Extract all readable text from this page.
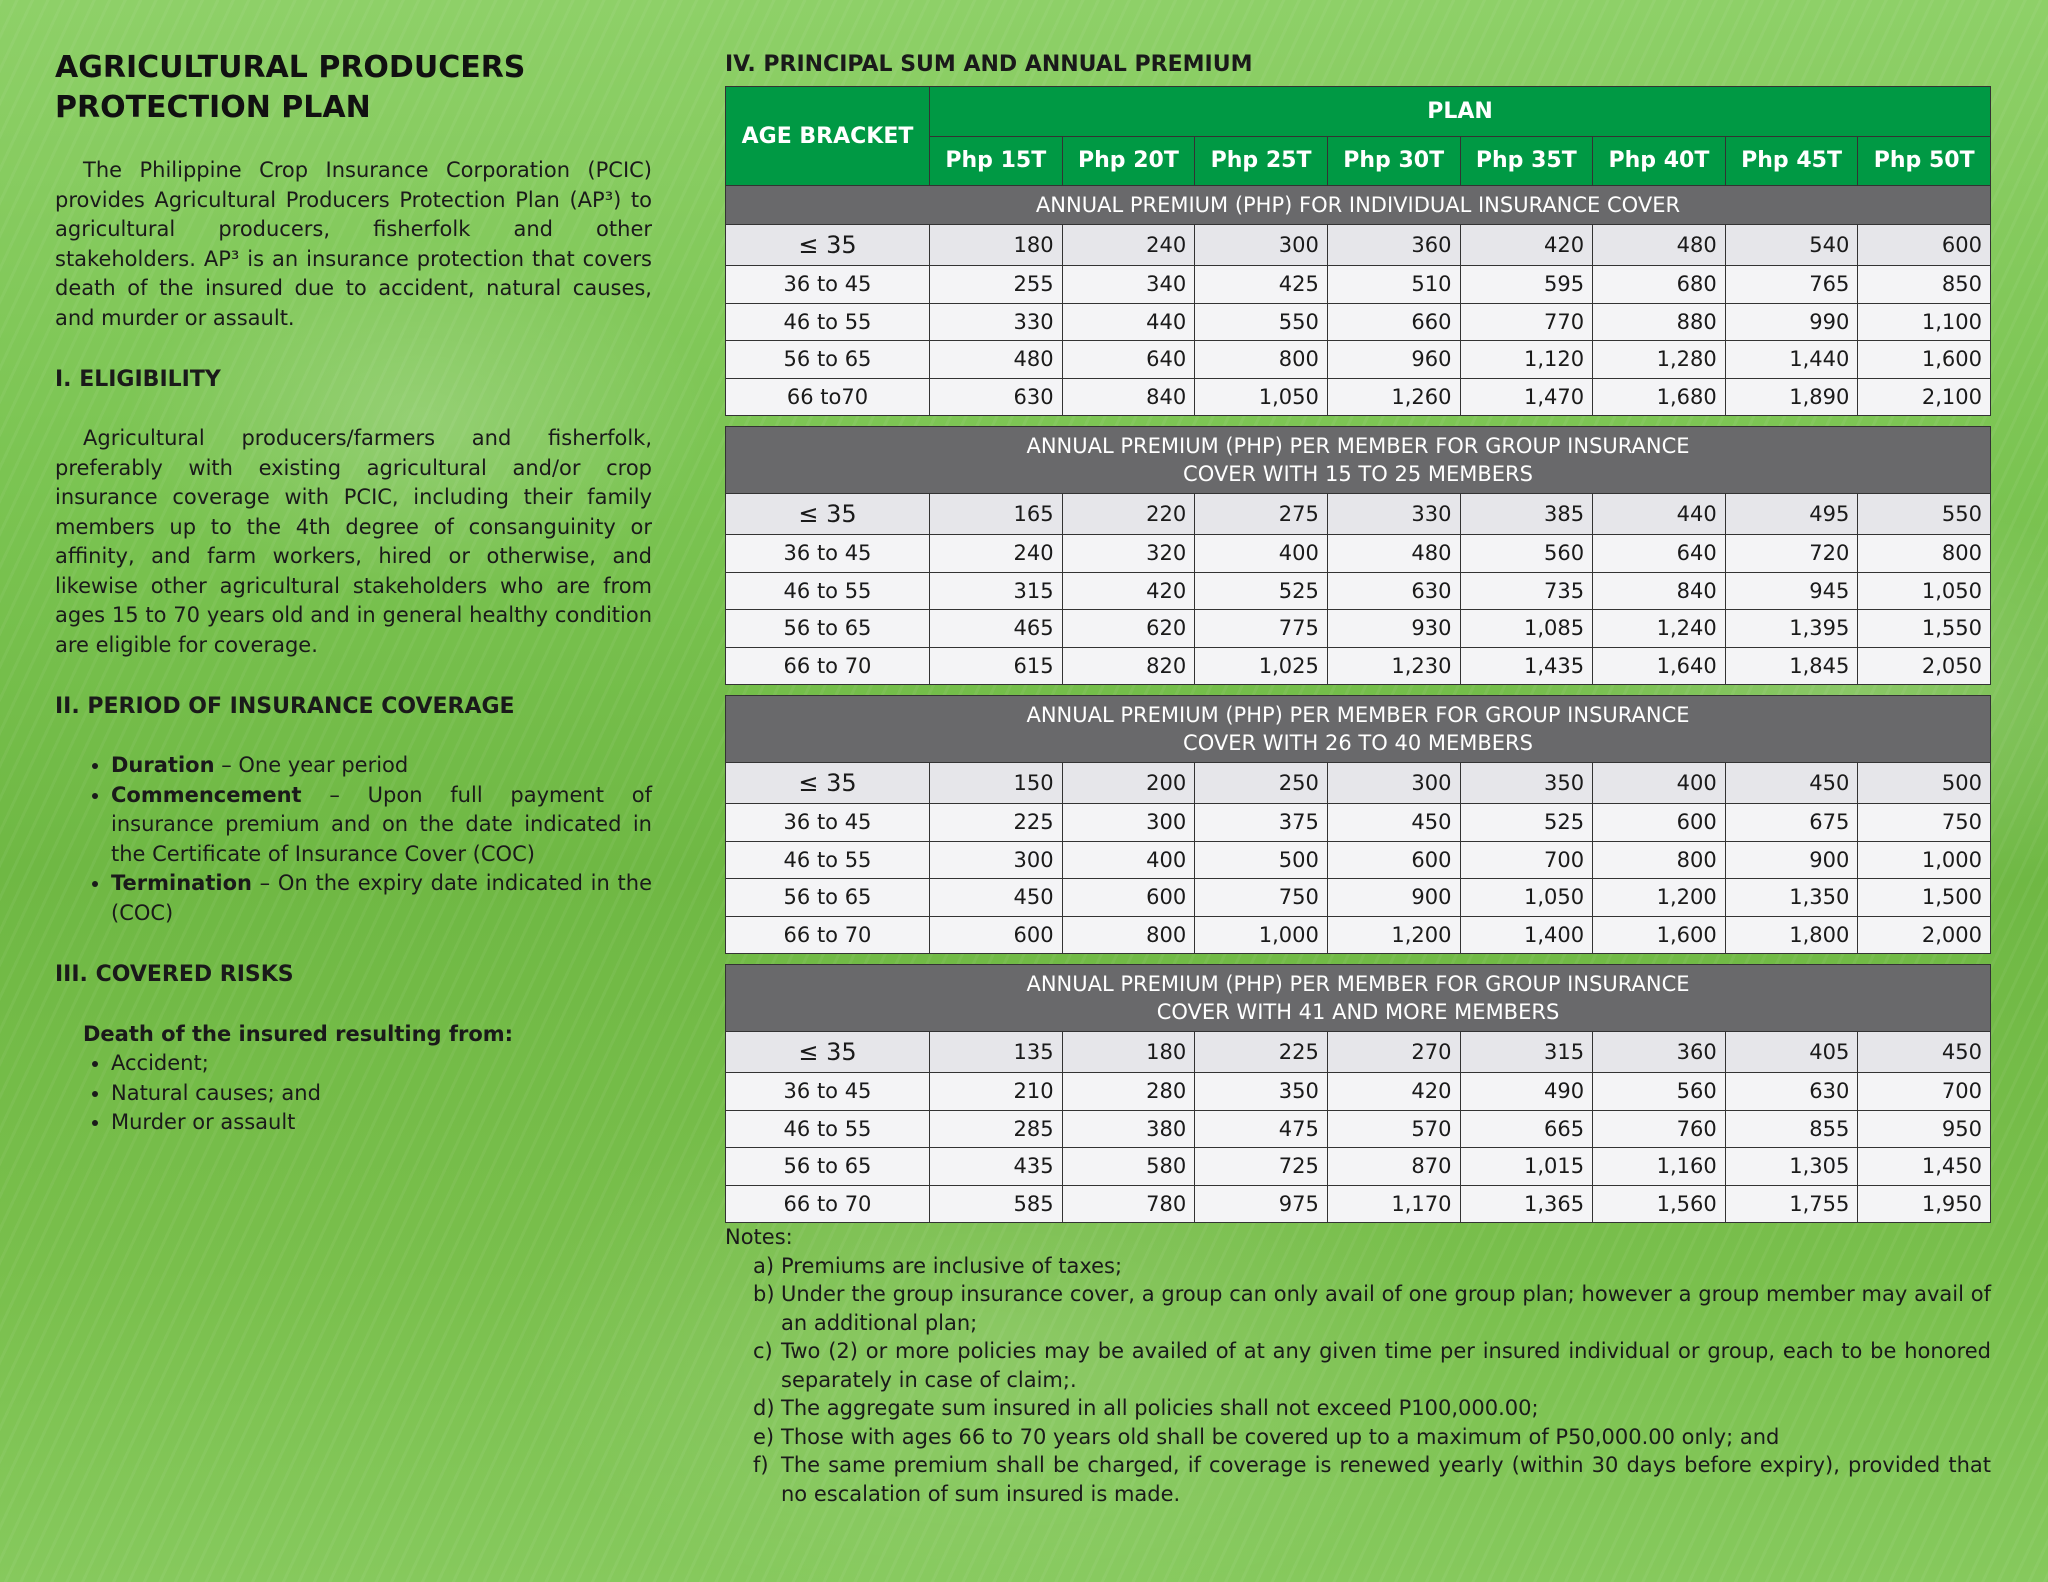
AGRICULTURAL PRODUCERS PROTECTION PLAN

The Philippine Crop Insurance Corporation (PCIC) provides Agricultural Producers Protection Plan (AP³) to agricultural producers, fisherfolk and other stakeholders. AP³ is an insurance protection that covers death of the insured due to accident, natural causes, and murder or assault.

I. ELIGIBILITY

Agricultural producers/farmers and fisherfolk, preferably with existing agricultural and/or crop insurance coverage with PCIC, including their family members up to the 4th degree of consanguinity or affinity, and farm workers, hired or otherwise, and likewise other agricultural stakeholders who are from ages 15 to 70 years old and in general healthy condition are eligible for coverage.

II. PERIOD OF INSURANCE COVERAGE
• Duration – One year period
• Commencement – Upon full payment of insurance premium and on the date indicated in the Certificate of Insurance Cover (COC)
• Termination – On the expiry date indicated in the (COC)
III. COVERED RISKS
Death of the insured resulting from:
• Accident;
• Natural causes; and
• Murder or assault
IV. PRINCIPAL SUM AND ANNUAL PREMIUM
AGE BRACKET	PLAN							
	Php 15T	Php 20T	Php 25T	Php 30T	Php 35T	Php 40T	Php 45T	Php 50T

ANNUAL PREMIUM (PHP) FOR INDIVIDUAL INSURANCE COVER								

≤ 35	180	240	300	360	420	480	540	600
36 to 45	255	340	425	510	595	680	765	850
46 to 55	330	440	550	660	770	880	990	1,100
56 to 65	480	640	800	960	1,120	1,280	1,440	1,600
66 to70	630	840	1,050	1,260	1,470	1,680	1,890	2,100

ANNUAL PREMIUM (PHP) PER MEMBER FOR GROUP INSURANCE
COVER WITH 15 TO 25 MEMBERS								

≤ 35	165	220	275	330	385	440	495	550
36 to 45	240	320	400	480	560	640	720	800
46 to 55	315	420	525	630	735	840	945	1,050
56 to 65	465	620	775	930	1,085	1,240	1,395	1,550
66 to 70	615	820	1,025	1,230	1,435	1,640	1,845	2,050

ANNUAL PREMIUM (PHP) PER MEMBER FOR GROUP INSURANCE
COVER WITH 26 TO 40 MEMBERS								

≤ 35	150	200	250	300	350	400	450	500
36 to 45	225	300	375	450	525	600	675	750
46 to 55	300	400	500	600	700	800	900	1,000
56 to 65	450	600	750	900	1,050	1,200	1,350	1,500
66 to 70	600	800	1,000	1,200	1,400	1,600	1,800	2,000

ANNUAL PREMIUM (PHP) PER MEMBER FOR GROUP INSURANCE
COVER WITH 41 AND MORE MEMBERS								

≤ 35	135	180	225	270	315	360	405	450
36 to 45	210	280	350	420	490	560	630	700
46 to 55	285	380	475	570	665	760	855	950
56 to 65	435	580	725	870	1,015	1,160	1,305	1,450
66 to 70	585	780	975	1,170	1,365	1,560	1,755	1,950

Notes:

a) Premiums are inclusive of taxes;
b) Under the group insurance cover, a group can only avail of one group plan; however a group member may avail of an additional plan;
c) Two (2) or more policies may be availed of at any given time per insured individual or group, each to be honored separately in case of claim;.
d) The aggregate sum insured in all policies shall not exceed P100,000.00;
e) Those with ages 66 to 70 years old shall be covered up to a maximum of P50,000.00 only; and
f) The same premium shall be charged, if coverage is renewed yearly (within 30 days before expiry), provided that no escalation of sum insured is made.
